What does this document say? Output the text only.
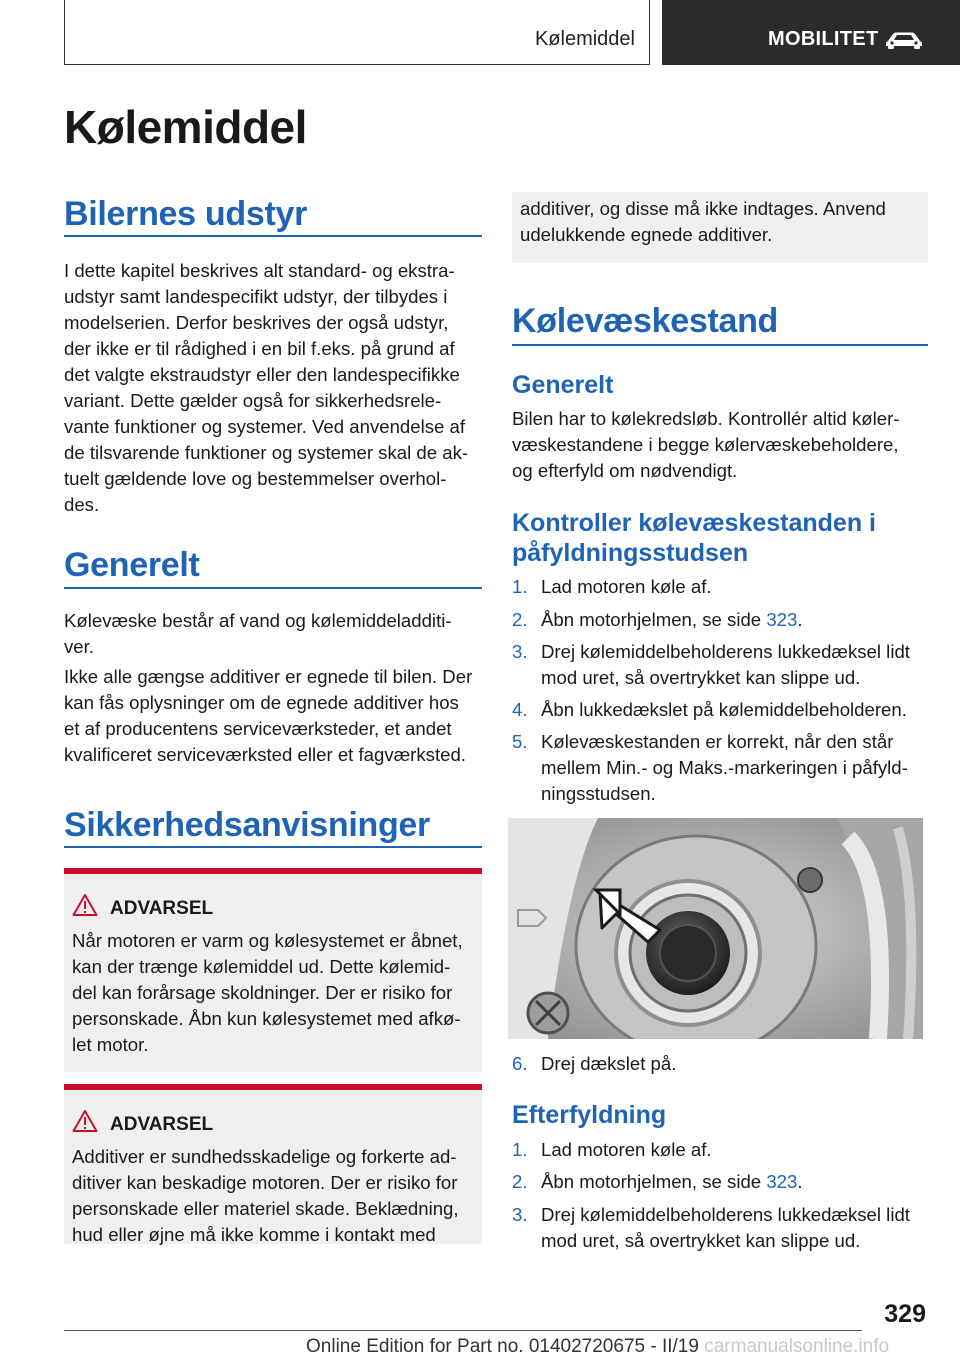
Kølemiddel	MOBILITET
Kølemiddel
Bilernes udstyr
I dette kapitel beskrives alt standard- og ekstra-
udstyr samt landespecifikt udstyr, der tilbydes i
modelserien. Derfor beskrives der også udstyr,
der ikke er til rådighed i en bil f.eks. på grund af
det valgte ekstraudstyr eller den landespecifikke
variant. Dette gælder også for sikkerhedsrele-
vante funktioner og systemer. Ved anvendelse af
de tilsvarende funktioner og systemer skal de ak-
tuelt gældende love og bestemmelser overhol-
des.
Generelt
Kølevæske består af vand og kølemiddeladditi-
ver.
Ikke alle gængse additiver er egnede til bilen. Der
kan fås oplysninger om de egnede additiver hos
et af producentens serviceværksteder, et andet
kvalificeret serviceværksted eller et fagværksted.
Sikkerhedsanvisninger
ADVARSEL
Når motoren er varm og kølesystemet er åbnet,
kan der trænge kølemiddel ud. Dette kølemid-
del kan forårsage skoldninger. Der er risiko for
personskade. Åbn kun kølesystemet med afkø-
let motor.
ADVARSEL
Additiver er sundhedsskadelige og forkerte ad-
ditiver kan beskadige motoren. Der er risiko for
personskade eller materiel skade. Beklædning,
hud eller øjne må ikke komme i kontakt med
additiver, og disse må ikke indtages. Anvend
udelukkende egnede additiver.
Kølevæskestand
Generelt
Bilen har to kølekredsløb. Kontrollér altid køler-
væskestandene i begge kølervæskebeholdere,
og efterfyld om nødvendigt.
Kontroller kølevæskestanden i
påfyldningsstudsen
1. Lad motoren køle af.
2. Åbn motorhjelmen, se side 323.
3. Drej kølemiddelbeholderens lukkedæksel lidt
mod uret, så overtrykket kan slippe ud.
4. Åbn lukkedækslet på kølemiddelbeholderen.
5. Kølevæskestanden er korrekt, når den står
mellem Min.- og Maks.-markeringen i påfyld-
ningsstudsen.
6. Drej dækslet på.
Efterfyldning
1. Lad motoren køle af.
2. Åbn motorhjelmen, se side 323.
3. Drej kølemiddelbeholderens lukkedæksel lidt
mod uret, så overtrykket kan slippe ud.
329
Online Edition for Part no. 01402720675 - II/19 carmanualsonline.info
